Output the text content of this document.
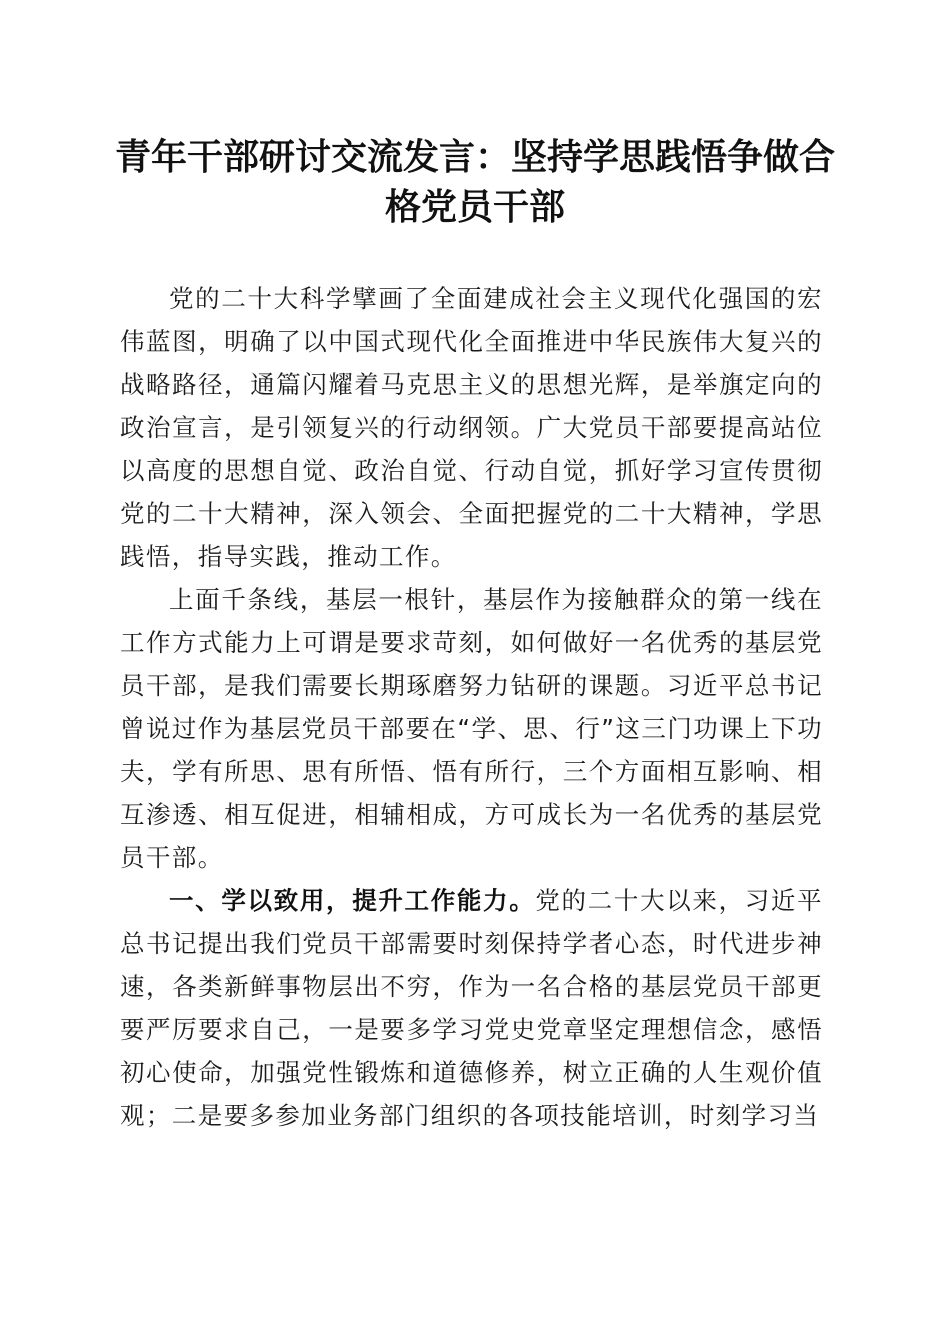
青年干部研讨交流发言：坚持学思践悟争做合格党员干部

党的二十大科学擘画了全面建成社会主义现代化强国的宏伟蓝图，明确了以中国式现代化全面推进中华民族伟大复兴的战略路径，通篇闪耀着马克思主义的思想光辉，是举旗定向的政治宣言，是引领复兴的行动纲领。广大党员干部要提高站位以高度的思想自觉、政治自觉、行动自觉，抓好学习宣传贯彻党的二十大精神，深入领会、全面把握党的二十大精神，学思践悟，指导实践，推动工作。

上面千条线，基层一根针，基层作为接触群众的第一线在工作方式能力上可谓是要求苛刻，如何做好一名优秀的基层党员干部，是我们需要长期琢磨努力钻研的课题。习近平总书记曾说过作为基层党员干部要在“学、思、行”这三门功课上下功夫，学有所思、思有所悟、悟有所行，三个方面相互影响、相互渗透、相互促进，相辅相成，方可成长为一名优秀的基层党员干部。

一、学以致用，提升工作能力。党的二十大以来，习近平总书记提出我们党员干部需要时刻保持学者心态，时代进步神速，各类新鲜事物层出不穷，作为一名合格的基层党员干部更要严厉要求自己，一是要多学习党史党章坚定理想信念，感悟初心使命，加强党性锻炼和道德修养，树立正确的人生观价值观；二是要多参加业务部门组织的各项技能培训，时刻学习当
